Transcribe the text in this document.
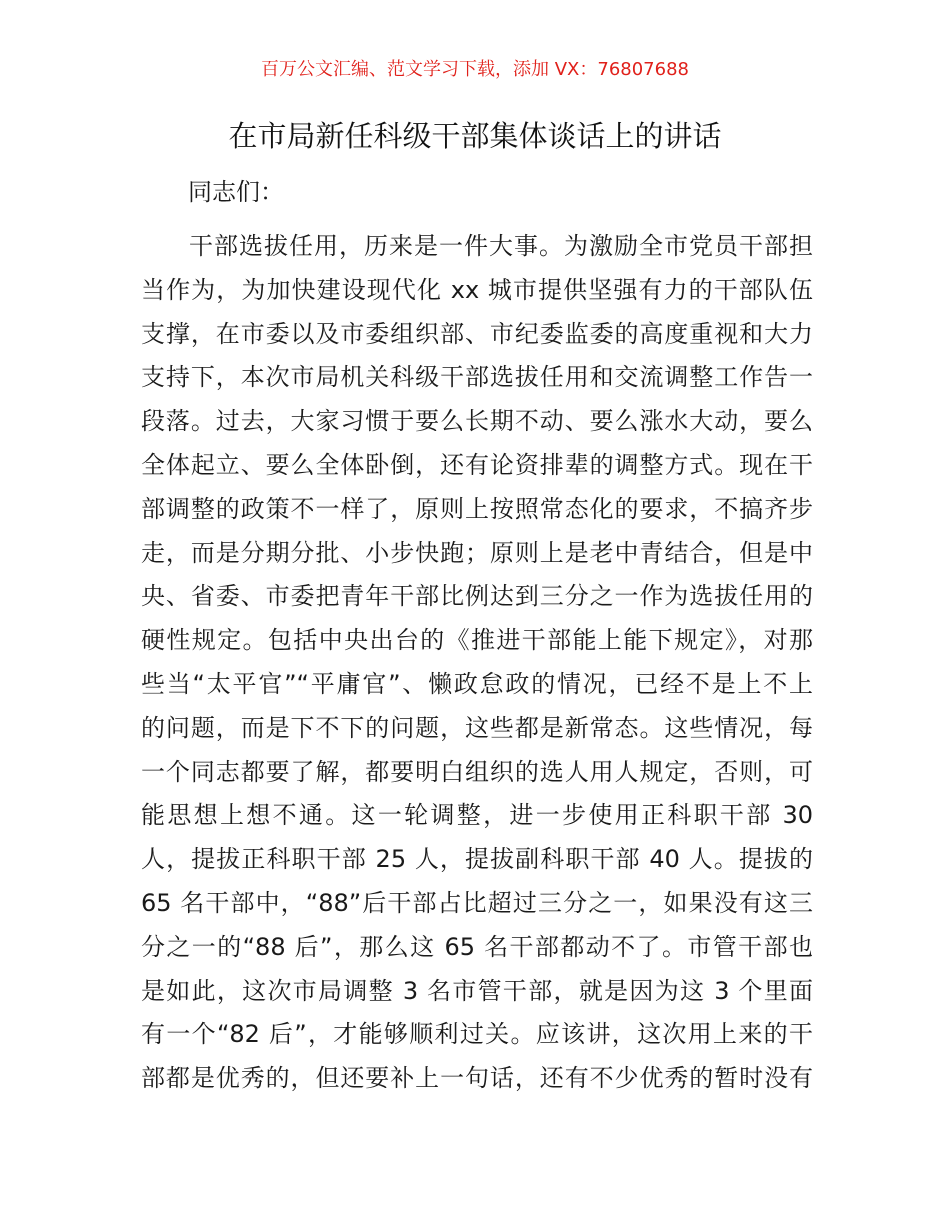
百万公文汇编、范文学习下载，添加 VX：76807688
在市局新任科级干部集体谈话上的讲话
同志们：
干部选拔任用，历来是一件大事。为激励全市党员干部担
当作为，为加快建设现代化 xx 城市提供坚强有力的干部队伍
支撑，在市委以及市委组织部、市纪委监委的高度重视和大力
支持下，本次市局机关科级干部选拔任用和交流调整工作告一
段落。过去，大家习惯于要么长期不动、要么涨水大动，要么
全体起立、要么全体卧倒，还有论资排辈的调整方式。现在干
部调整的政策不一样了，原则上按照常态化的要求，不搞齐步
走，而是分期分批、小步快跑；原则上是老中青结合，但是中
央、省委、市委把青年干部比例达到三分之一作为选拔任用的
硬性规定。包括中央出台的《推进干部能上能下规定》，对那
些当“太平官”“平庸官”、懒政怠政的情况，已经不是上不上
的问题，而是下不下的问题，这些都是新常态。这些情况，每
一个同志都要了解，都要明白组织的选人用人规定，否则，可
能思想上想不通。这一轮调整，进一步使用正科职干部 30
人，提拔正科职干部 25 人，提拔副科职干部 40 人。提拔的
65 名干部中，“88”后干部占比超过三分之一，如果没有这三
分之一的“88 后”，那么这 65 名干部都动不了。市管干部也
是如此，这次市局调整 3 名市管干部，就是因为这 3 个里面
有一个“82 后”，才能够顺利过关。应该讲，这次用上来的干
部都是优秀的，但还要补上一句话，还有不少优秀的暂时没有
